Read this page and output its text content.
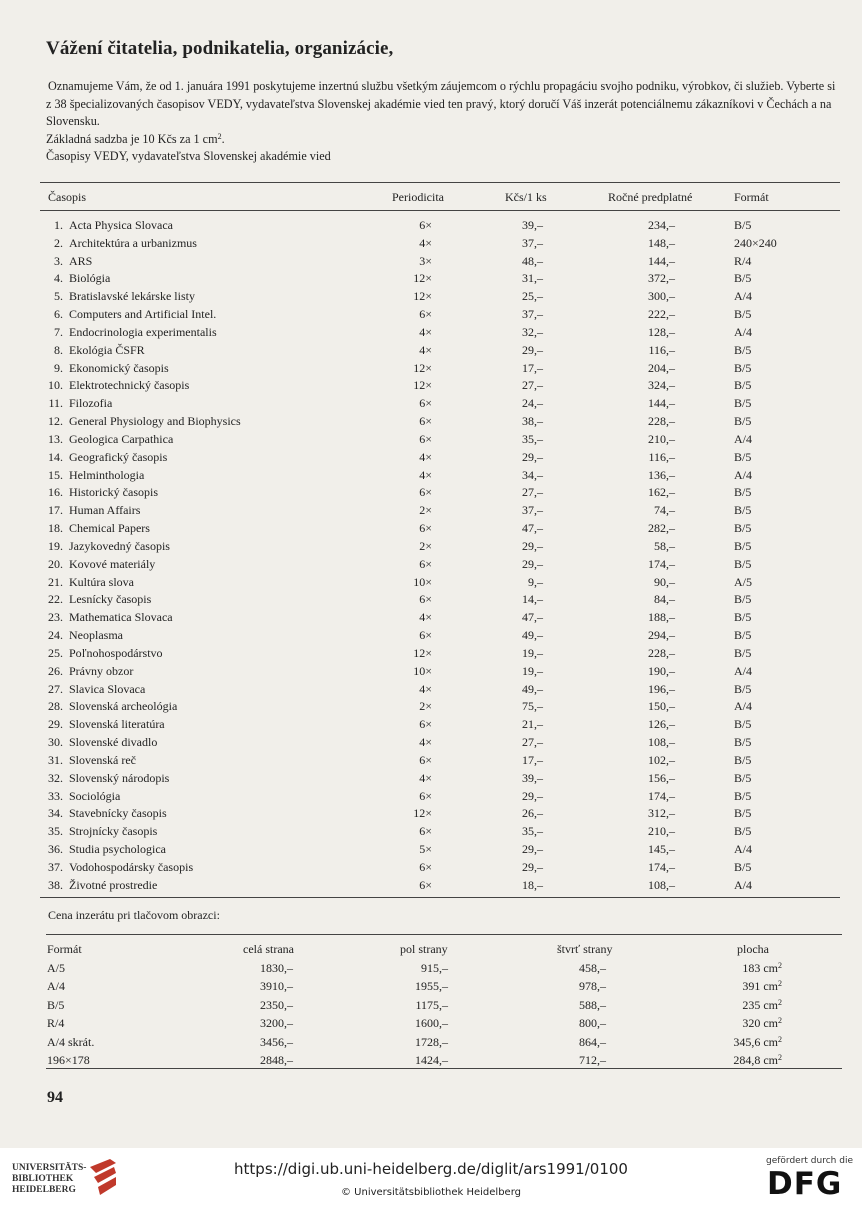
Vážení čitatelia, podnikatelia, organizácie,

Oznamujeme Vám, že od 1. januára 1991 poskytujeme inzertnú službu všetkým záujemcom o rýchlu propagáciu svojho podniku, výrobkov, či služieb. Vyberte si z 38 špecializovaných časopisov VEDY, vydavateľstva Slovenskej akadémie vied ten pravý, ktorý doručí Váš inzerát potenciálnemu zákazníkovi v Čechách a na Slovensku.

Základná sadzba je 10 Kčs za 1 $cm^2$.

Časopisy VEDY, vydavateľstva Slovenskej akadémie vied

Časopis	Periodicita	Kčs/1 ks	Ročné predplatné	Formát
1. Acta Physica Slovaca	6×	39,–	234,–	B/5
2. Architektúra a urbanizmus	4×	37,–	148,–	240×240
3. ARS	3×	48,–	144,–	R/4
4. Biológia	12×	31,–	372,–	B/5
5. Bratislavské lekárske listy	12×	25,–	300,–	A/4
6. Computers and Artificial Intel.	6×	37,–	222,–	B/5
7. Endocrinologia experimentalis	4×	32,–	128,–	A/4
8. Ekológia ČSFR	4×	29,–	116,–	B/5
9. Ekonomický časopis	12×	17,–	204,–	B/5
10. Elektrotechnický časopis	12×	27,–	324,–	B/5
11. Filozofia	6×	24,–	144,–	B/5
12. General Physiology and Biophysics	6×	38,–	228,–	B/5
13. Geologica Carpathica	6×	35,–	210,–	A/4
14. Geografický časopis	4×	29,–	116,–	B/5
15. Helminthologia	4×	34,–	136,–	A/4
16. Historický časopis	6×	27,–	162,–	B/5
17. Human Affairs	2×	37,–	74,–	B/5
18. Chemical Papers	6×	47,–	282,–	B/5
19. Jazykovedný časopis	2×	29,–	58,–	B/5
20. Kovové materiály	6×	29,–	174,–	B/5
21. Kultúra slova	10×	9,–	90,–	A/5
22. Lesnícky časopis	6×	14,–	84,–	B/5
23. Mathematica Slovaca	4×	47,–	188,–	B/5
24. Neoplasma	6×	49,–	294,–	B/5
25. Poľnohospodárstvo	12×	19,–	228,–	B/5
26. Právny obzor	10×	19,–	190,–	A/4
27. Slavica Slovaca	4×	49,–	196,–	B/5
28. Slovenská archeológia	2×	75,–	150,–	A/4
29. Slovenská literatúra	6×	21,–	126,–	B/5
30. Slovenské divadlo	4×	27,–	108,–	B/5
31. Slovenská reč	6×	17,–	102,–	B/5
32. Slovenský národopis	4×	39,–	156,–	B/5
33. Sociológia	6×	29,–	174,–	B/5
34. Stavebnícky časopis	12×	26,–	312,–	B/5
35. Strojnícky časopis	6×	35,–	210,–	B/5
36. Studia psychologica	5×	29,–	145,–	A/4
37. Vodohospodársky časopis	6×	29,–	174,–	B/5
38. Životné prostredie	6×	18,–	108,–	A/4
Cena inzerátu pri tlačovom obrazci:
Formát	celá strana	pol strany	štvrť strany	plocha
A/5	1830,–	915,–	458,–	183 $cm^2$
A/4	3910,–	1955,–	978,–	391 $cm^2$
B/5	2350,–	1175,–	588,–	235 $cm^2$
R/4	3200,–	1600,–	800,–	320 $cm^2$
A/4 skrát.	3456,–	1728,–	864,–	345,6 $cm^2$
196×178	2848,–	1424,–	712,–	284,8 $cm^2$
94
UNIVERSITÄTS-BIBLIOTHEK HEIDELBERG
https://digi.ub.uni-heidelberg.de/diglit/ars1991/0100
© Universitätsbibliothek Heidelberg
gefördert durch die
DFG
